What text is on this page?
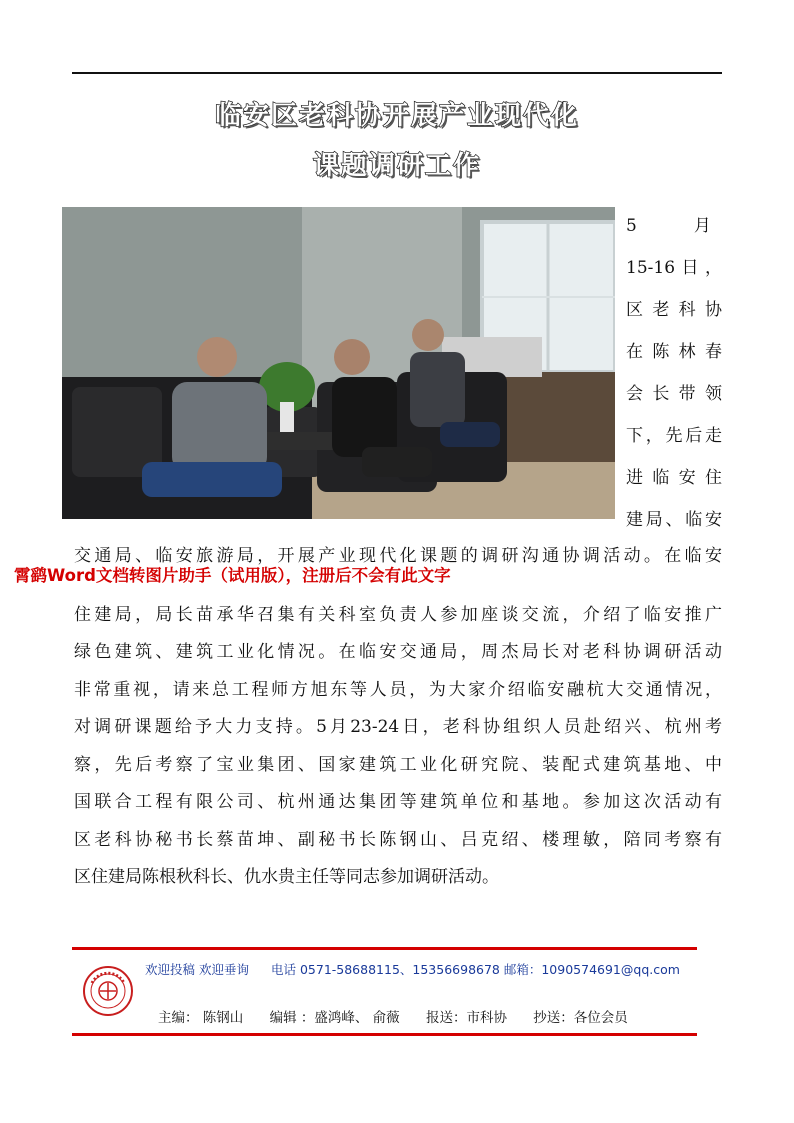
临安区老科协开展产业现代化
课题调研工作
5　月
15-16日，
区老科协
在陈林春
会长带领
下，先后走
进临安住
建局、临安
交通局、临安旅游局，开展产业现代化课题的调研沟通协调活动。在临安
住建局，局长苗承华召集有关科室负责人参加座谈交流，介绍了临安推广
绿色建筑、建筑工业化情况。在临安交通局，周杰局长对老科协调研活动
非常重视，请来总工程师方旭东等人员，为大家介绍临安融杭大交通情况，
对调研课题给予大力支持。5月23-24日，老科协组织人员赴绍兴、杭州考
察，先后考察了宝业集团、国家建筑工业化研究院、装配式建筑基地、中
国联合工程有限公司、杭州通达集团等建筑单位和基地。参加这次活动有
区老科协秘书长蔡苗坤、副秘书长陈钢山、吕克绍、楼理敏，陪同考察有
区住建局陈根秋科长、仇水贵主任等同志参加调研活动。
霄鹞Word文档转图片助手（试用版），注册后不会有此文字
欢迎投稿 欢迎垂询 电话 0571-58688115、15356698678 邮箱：1090574691@qq.com
主编： 陈钢山 编辑 ：盛鸿峰、 俞薇 报送：市科协 抄送：各位会员
